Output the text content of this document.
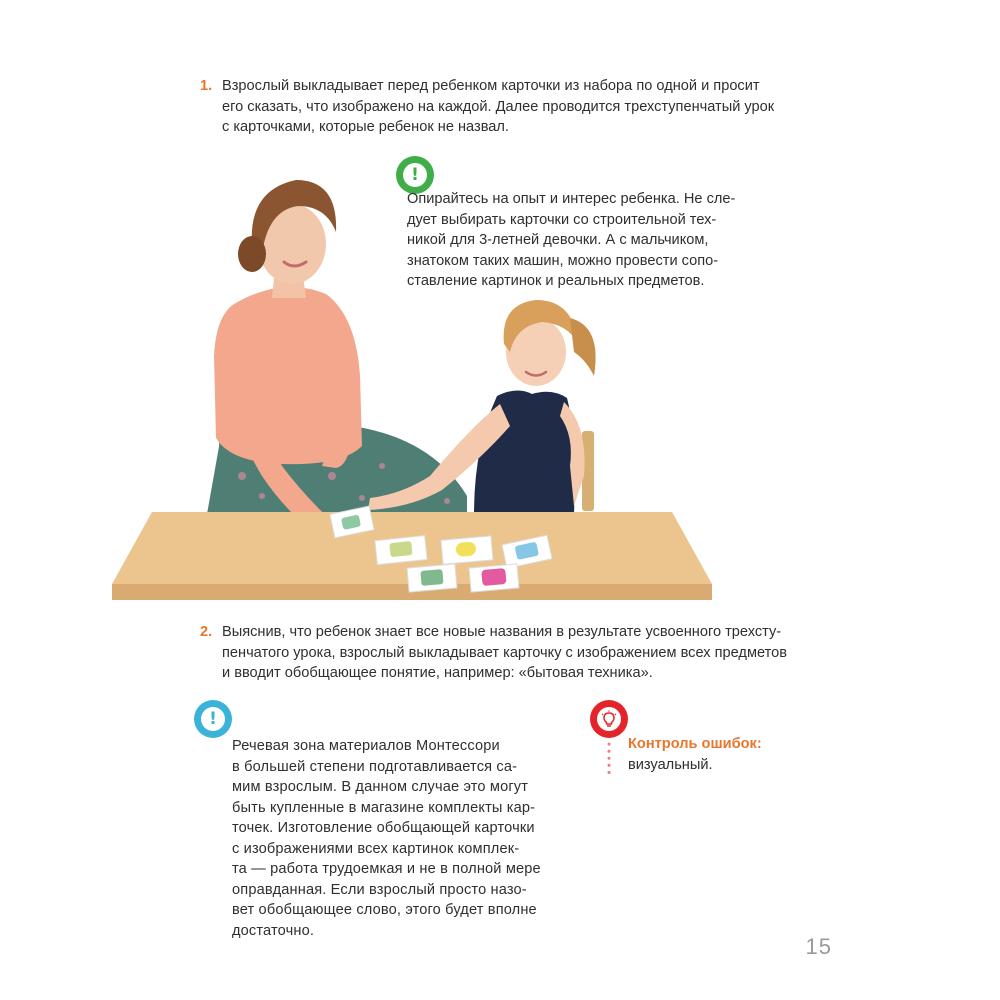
1. Взрослый выкладывает перед ребенком карточки из набора по одной и просит
его сказать, что изображено на каждой. Далее проводится трехступенчатый урок
с карточками, которые ребенок не назвал.
!
Опирайтесь на опыт и интерес ребенка. Не сле-
дует выбирать карточки со строительной тех-
никой для 3-летней девочки. А с мальчиком,
знатоком таких машин, можно провести сопо-
ставление картинок и реальных предметов.
2. Выяснив, что ребенок знает все новые названия в результате усвоенного трехсту-
пенчатого урока, взрослый выкладывает карточку с изображением всех предметов
и вводит обобщающее понятие, например: «бытовая техника».
!
Речевая зона материалов Монтессори
в большей степени подготавливается са-
мим взрослым. В данном случае это могут
быть купленные в магазине комплекты кар-
точек. Изготовление обобщающей карточки
с изображениями всех картинок комплек-
та — работа трудоемкая и не в полной мере
оправданная. Если взрослый просто назо-
вет обобщающее слово, этого будет вполне
достаточно.
Контроль ошибок:
визуальный.
15
